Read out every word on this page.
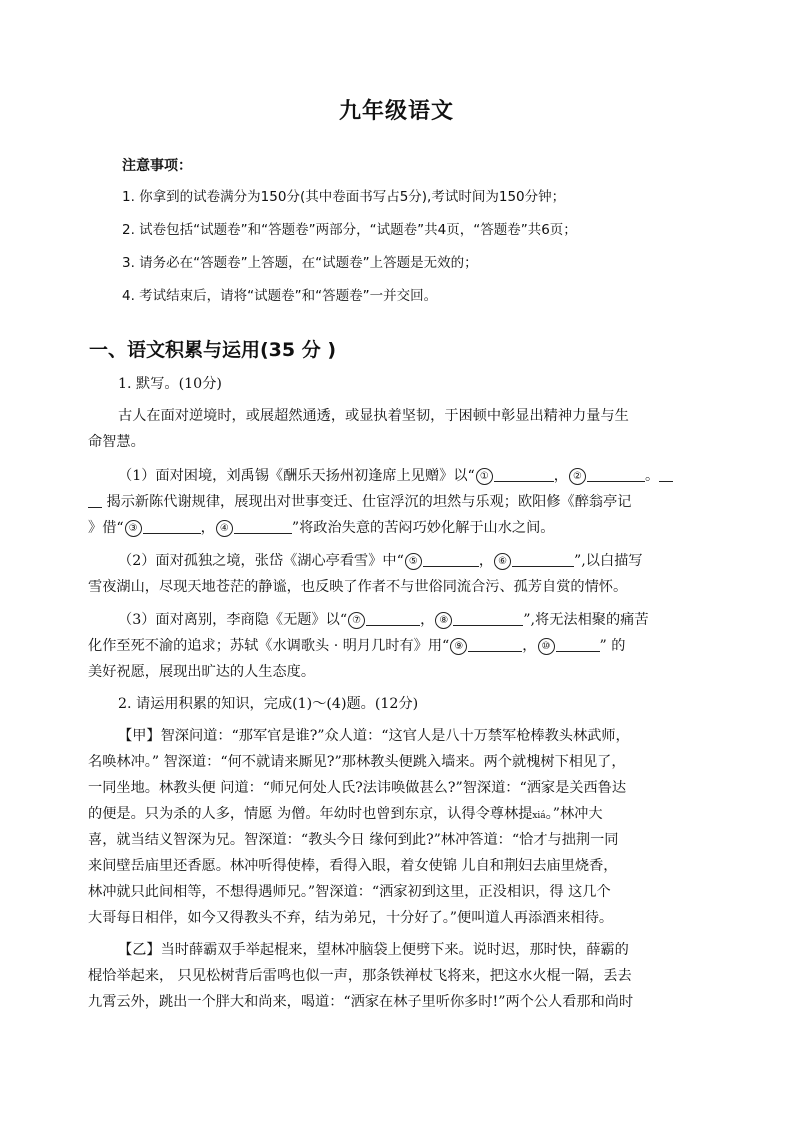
九年级语文
注意事项：
1. 你拿到的试卷满分为150分(其中卷面书写占5分),考试时间为150分钟；
2. 试卷包括“试题卷”和“答题卷”两部分，“试题卷”共4页，“答题卷”共6页；
3. 请务必在“答题卷”上答题，在“试题卷”上答题是无效的；
4. 考试结束后，请将“试题卷”和“答题卷”一并交回。
一、语文积累与运用(35 分 )
1. 默写。(10分)
古人在面对逆境时，或展超然通透，或显执着坚韧，于困顿中彰显出精神力量与生
命智慧。
（1）面对困境，刘禹锡《酬乐天扬州初逢席上见赠》以“ ①	， ②	。
揭示新陈代谢规律，展现出对世事变迁、仕宦浮沉的坦然与乐观；欧阳修《醉翁亭记
》借“ ③	， ④	”将政治失意的苦闷巧妙化解于山水之间。
（2）面对孤独之境，张岱《湖心亭看雪》中“ ⑤	， ⑥	”,以白描写
雪夜湖山，尽现天地苍茫的静谧，也反映了作者不与世俗同流合污、孤芳自赏的情怀。
（3）面对离别，李商隐《无题》以“ ⑦	， ⑧	”,将无法相聚的痛苦
化作至死不渝的追求；苏轼《水调歌头 · 明月几时有》用“ ⑨	， ⑩	” 的
美好祝愿，展现出旷达的人生态度。
2. 请运用积累的知识，完成(1)～(4)题。(12分)
【甲】智深问道：“那军官是谁?”众人道：“这官人是八十万禁军枪棒教头林武师，
名唤林冲。” 智深道：“何不就请来厮见?”那林教头便跳入墙来。两个就槐树下相见了，
一同坐地。林教头便 问道：“师兄何处人氏?法讳唤做甚么?”智深道：“洒家是关西鲁达
的便是。只为杀的人多，情愿 为僧。年幼时也曾到东京，认得令尊林提xiá。”林冲大
喜，就当结义智深为兄。智深道：“教头今日 缘何到此?”林冲答道：“恰才与拙荆一同
来间壁岳庙里还香愿。林冲听得使棒，看得入眼，着女使锦 儿自和荆妇去庙里烧香，
林冲就只此间相等，不想得遇师兄。”智深道：“洒家初到这里，正没相识，得 这几个
大哥每日相伴，如今又得教头不弃，结为弟兄，十分好了。”便叫道人再添酒来相待。
【乙】当时薛霸双手举起棍来，望林冲脑袋上便劈下来。说时迟，那时快，薛霸的
棍恰举起来， 只见松树背后雷鸣也似一声，那条铁禅杖飞将来，把这水火棍一隔，丢去
九霄云外，跳出一个胖大和尚来，喝道：“洒家在林子里听你多时!”两个公人看那和尚时
